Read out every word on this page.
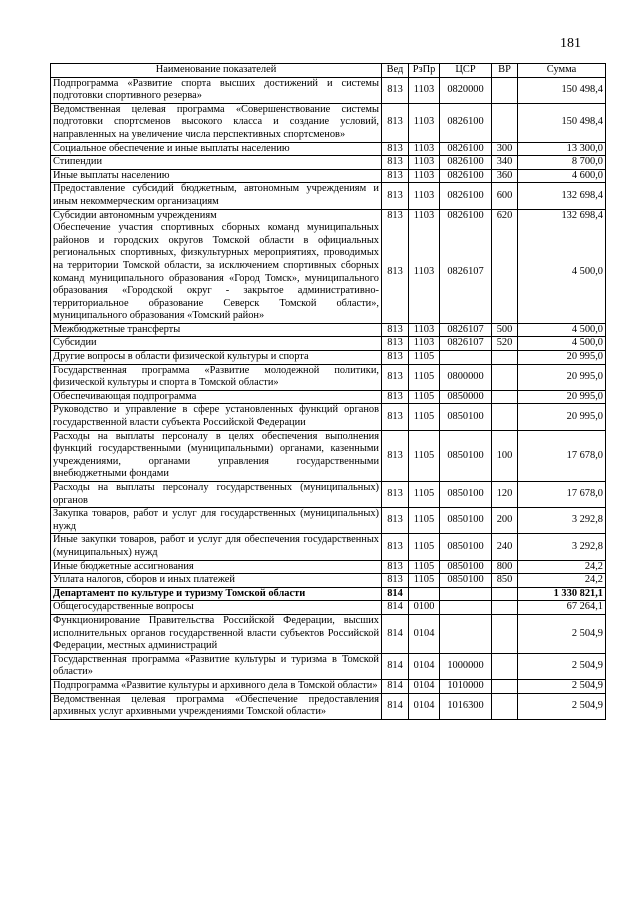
181
Наименование показателей	Вед	РзПр	ЦСР	ВР	Сумма
Подпрограмма «Развитие спорта высших достижений и системы подготовки спортивного резерва»	813	1103	0820000		150 498,4
Ведомственная целевая программа «Совершенствование системы подготовки спортсменов высокого класса и создание условий, направленных на увеличение числа перспективных спортсменов»	813	1103	0826100		150 498,4
Социальное обеспечение и иные выплаты населению	813	1103	0826100	300	13 300,0
Стипендии	813	1103	0826100	340	8 700,0
Иные выплаты населению	813	1103	0826100	360	4 600,0
Предоставление субсидий бюджетным, автономным учреждениям и иным некоммерческим организациям	813	1103	0826100	600	132 698,4
Субсидии автономным учреждениям	813	1103	0826100	620	132 698,4
Обеспечение участия спортивных сборных команд муниципальных районов и городских округов Томской области в официальных региональных спортивных, физкультурных мероприятиях, проводимых на территории Томской области, за исключением спортивных сборных команд муниципального образования «Город Томск», муниципального образования «Городской округ - закрытое административно-территориальное образование Северск Томской области», муниципального образования «Томский район»	813	1103	0826107		4 500,0
Межбюджетные трансферты	813	1103	0826107	500	4 500,0
Субсидии	813	1103	0826107	520	4 500,0
Другие вопросы в области физической культуры и спорта	813	1105			20 995,0
Государственная программа «Развитие молодежной политики, физической культуры и спорта в Томской области»	813	1105	0800000		20 995,0
Обеспечивающая подпрограмма	813	1105	0850000		20 995,0
Руководство и управление в сфере установленных функций органов государственной власти субъекта Российской Федерации	813	1105	0850100		20 995,0
Расходы на выплаты персоналу в целях обеспечения выполнения функций государственными (муниципальными) органами, казенными учреждениями, органами управления государственными внебюджетными фондами	813	1105	0850100	100	17 678,0
Расходы на выплаты персоналу государственных (муниципальных) органов	813	1105	0850100	120	17 678,0
Закупка товаров, работ и услуг для государственных (муниципальных) нужд	813	1105	0850100	200	3 292,8
Иные закупки товаров, работ и услуг для обеспечения государственных (муниципальных) нужд	813	1105	0850100	240	3 292,8
Иные бюджетные ассигнования	813	1105	0850100	800	24,2
Уплата налогов, сборов и иных платежей	813	1105	0850100	850	24,2
Департамент по культуре и туризму Томской области	814				1 330 821,1
Общегосударственные вопросы	814	0100			67 264,1
Функционирование Правительства Российской Федерации, высших исполнительных органов государственной власти субъектов Российской Федерации, местных администраций	814	0104			2 504,9
Государственная программа «Развитие культуры и туризма в Томской области»	814	0104	1000000		2 504,9
Подпрограмма «Развитие культуры и архивного дела в Томской области»	814	0104	1010000		2 504,9
Ведомственная целевая программа «Обеспечение предоставления архивных услуг архивными учреждениями Томской области»	814	0104	1016300		2 504,9
